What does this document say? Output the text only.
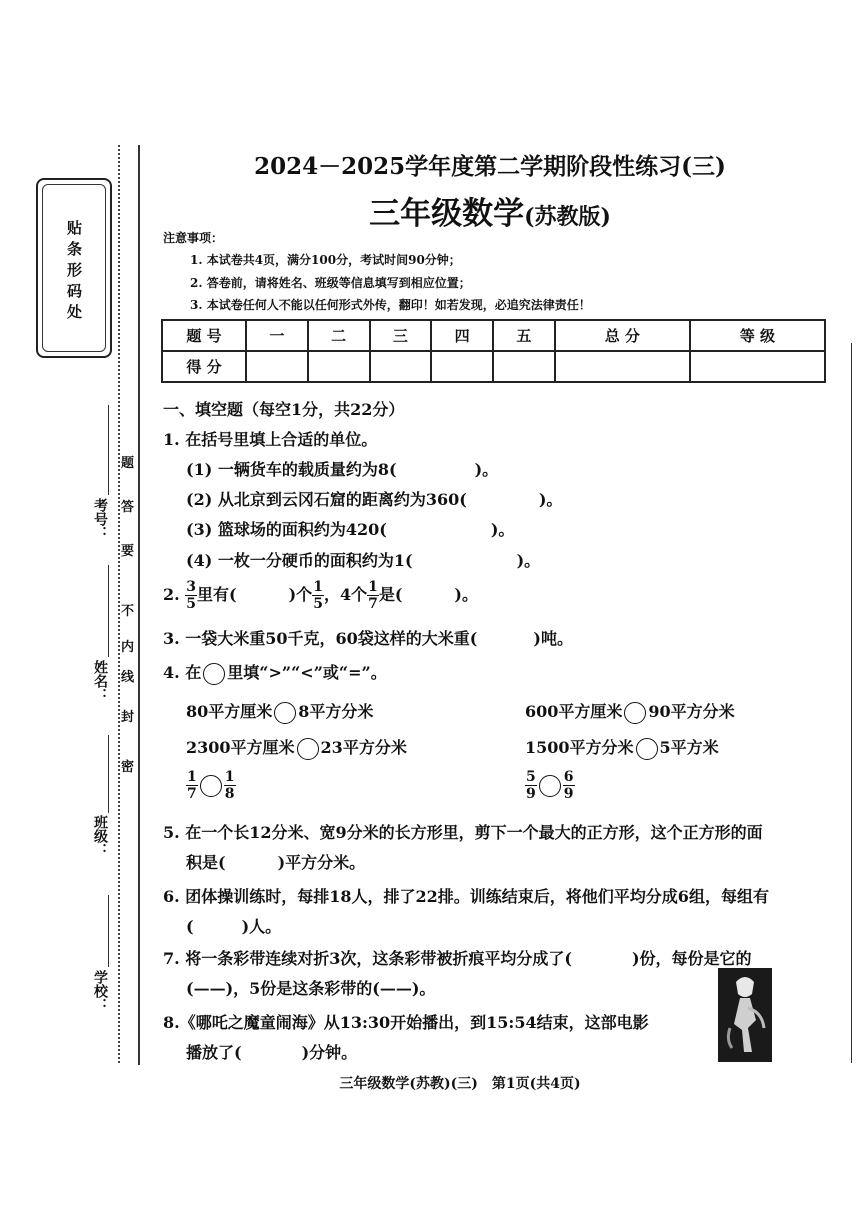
贴条形码处
考号：
姓名：
班级：
学校：
密
封
线
内
不
要
答
题
2024－2025学年度第二学期阶段性练习(三)
三年级数学(苏教版)
注意事项：
1. 本试卷共4页，满分100分，考试时间90分钟；
2. 答卷前，请将姓名、班级等信息填写到相应位置；
3. 本试卷任何人不能以任何形式外传，翻印！如若发现，必追究法律责任！
题 号	一	二	三	四	五	总 分	等 级
得 分							
一、填空题（每空1分，共22分）
1. 在括号里填上合适的单位。
(1) 一辆货车的载质量约为8(	)。
(2) 从北京到云冈石窟的距离约为360(	)。
(3) 篮球场的面积约为420(	)。
(4) 一枚一分硬币的面积约为1(	)。
2. $\frac{3}{5}$ 里有(	)个 $\frac{1}{5}$ ，4个 $\frac{1}{7}$ 是(	)。
3. 一袋大米重50千克，60袋这样的大米重(	)吨。
4. 在 里填“>”“<”或“=”。
80平方厘米 8平方分米	600平方厘米 90平方分米
2300平方厘米 23平方分米	1500平方分米 5平方米
$\frac{1}{7} \frac{1}{8}$	$\frac{5}{9} \frac{6}{9}$
5. 在一个长12分米、宽9分米的长方形里，剪下一个最大的正方形，这个正方形的面
积是(	)平方分米。
6. 团体操训练时，每排18人，排了22排。训练结束后，将他们平均分成6组，每组有
(	)人。
7. 将一条彩带连续对折3次，这条彩带被折痕平均分成了(	)份，每份是它的
(——)，5份是这条彩带的(——)。
8.《哪吒之魔童闹海》从13:30开始播出，到15:54结束，这部电影
播放了(	)分钟。
三年级数学(苏教)(三)　第1页(共4页)
